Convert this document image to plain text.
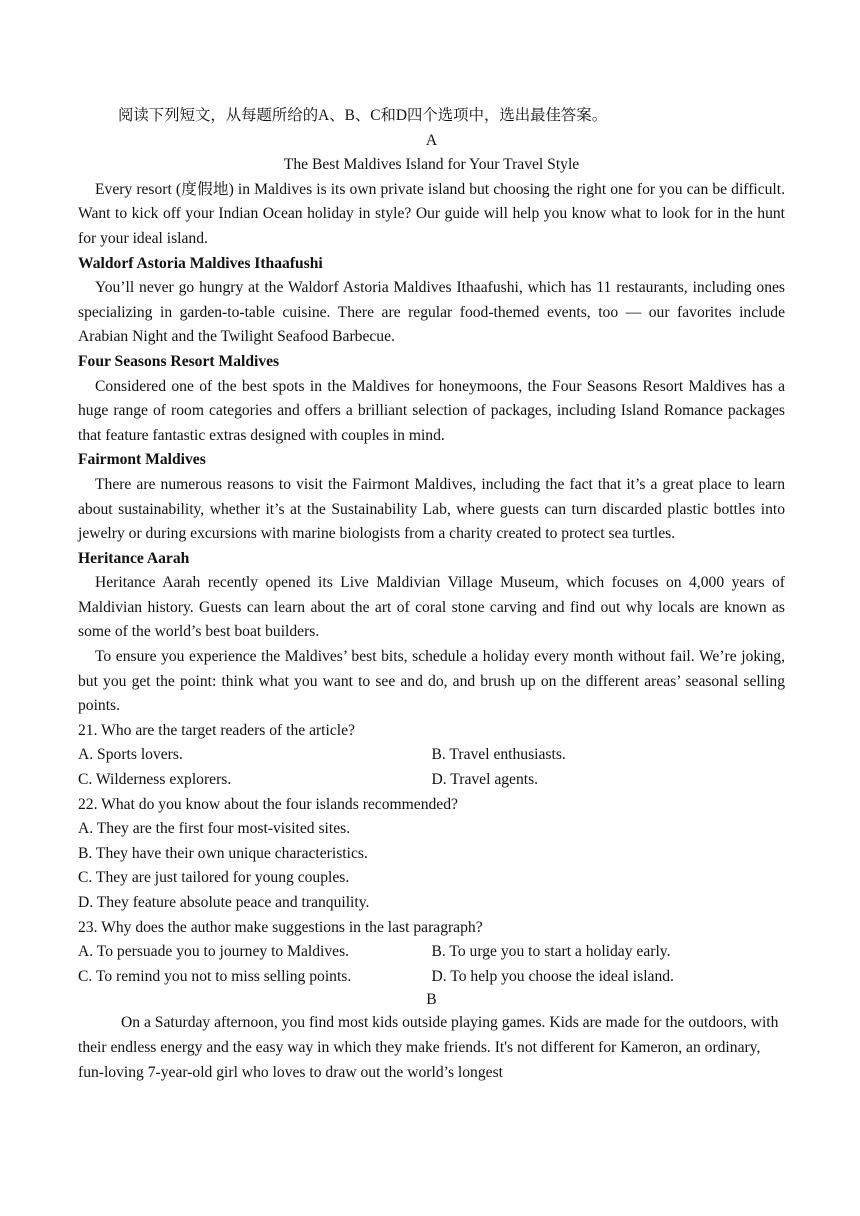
阅读下列短文，从每题所给的A、B、C和D四个选项中，选出最佳答案。

A

The Best Maldives Island for Your Travel Style

Every resort (度假地) in Maldives is its own private island but choosing the right one for you can be difficult. Want to kick off your Indian Ocean holiday in style? Our guide will help you know what to look for in the hunt for your ideal island.

Waldorf Astoria Maldives Ithaafushi

You’ll never go hungry at the Waldorf Astoria Maldives Ithaafushi, which has 11 restaurants, including ones specializing in garden-to-table cuisine. There are regular food-themed events, too — our favorites include Arabian Night and the Twilight Seafood Barbecue.

Four Seasons Resort Maldives

Considered one of the best spots in the Maldives for honeymoons, the Four Seasons Resort Maldives has a huge range of room categories and offers a brilliant selection of packages, including Island Romance packages that feature fantastic extras designed with couples in mind.

Fairmont Maldives

There are numerous reasons to visit the Fairmont Maldives, including the fact that it’s a great place to learn about sustainability, whether it’s at the Sustainability Lab, where guests can turn discarded plastic bottles into jewelry or during excursions with marine biologists from a charity created to protect sea turtles.

Heritance Aarah

Heritance Aarah recently opened its Live Maldivian Village Museum, which focuses on 4,000 years of Maldivian history. Guests can learn about the art of coral stone carving and find out why locals are known as some of the world’s best boat builders.

To ensure you experience the Maldives’ best bits, schedule a holiday every month without fail. We’re joking, but you get the point: think what you want to see and do, and brush up on the different areas’ seasonal selling points.

21. Who are the target readers of the article?

A. Sports lovers.	B. Travel enthusiasts.
C. Wilderness explorers.	D. Travel agents.

22. What do you know about the four islands recommended?

A. They are the first four most-visited sites.

B. They have their own unique characteristics.

C. They are just tailored for young couples.

D. They feature absolute peace and tranquility.

23. Why does the author make suggestions in the last paragraph?

A. To persuade you to journey to Maldives.	B. To urge you to start a holiday early.
C. To remind you not to miss selling points.	D. To help you choose the ideal island.

B

On a Saturday afternoon, you find most kids outside playing games. Kids are made for the outdoors, with their endless energy and the easy way in which they make friends. It's not different for Kameron, an ordinary, fun-loving 7-year-old girl who loves to draw out the world’s longest
